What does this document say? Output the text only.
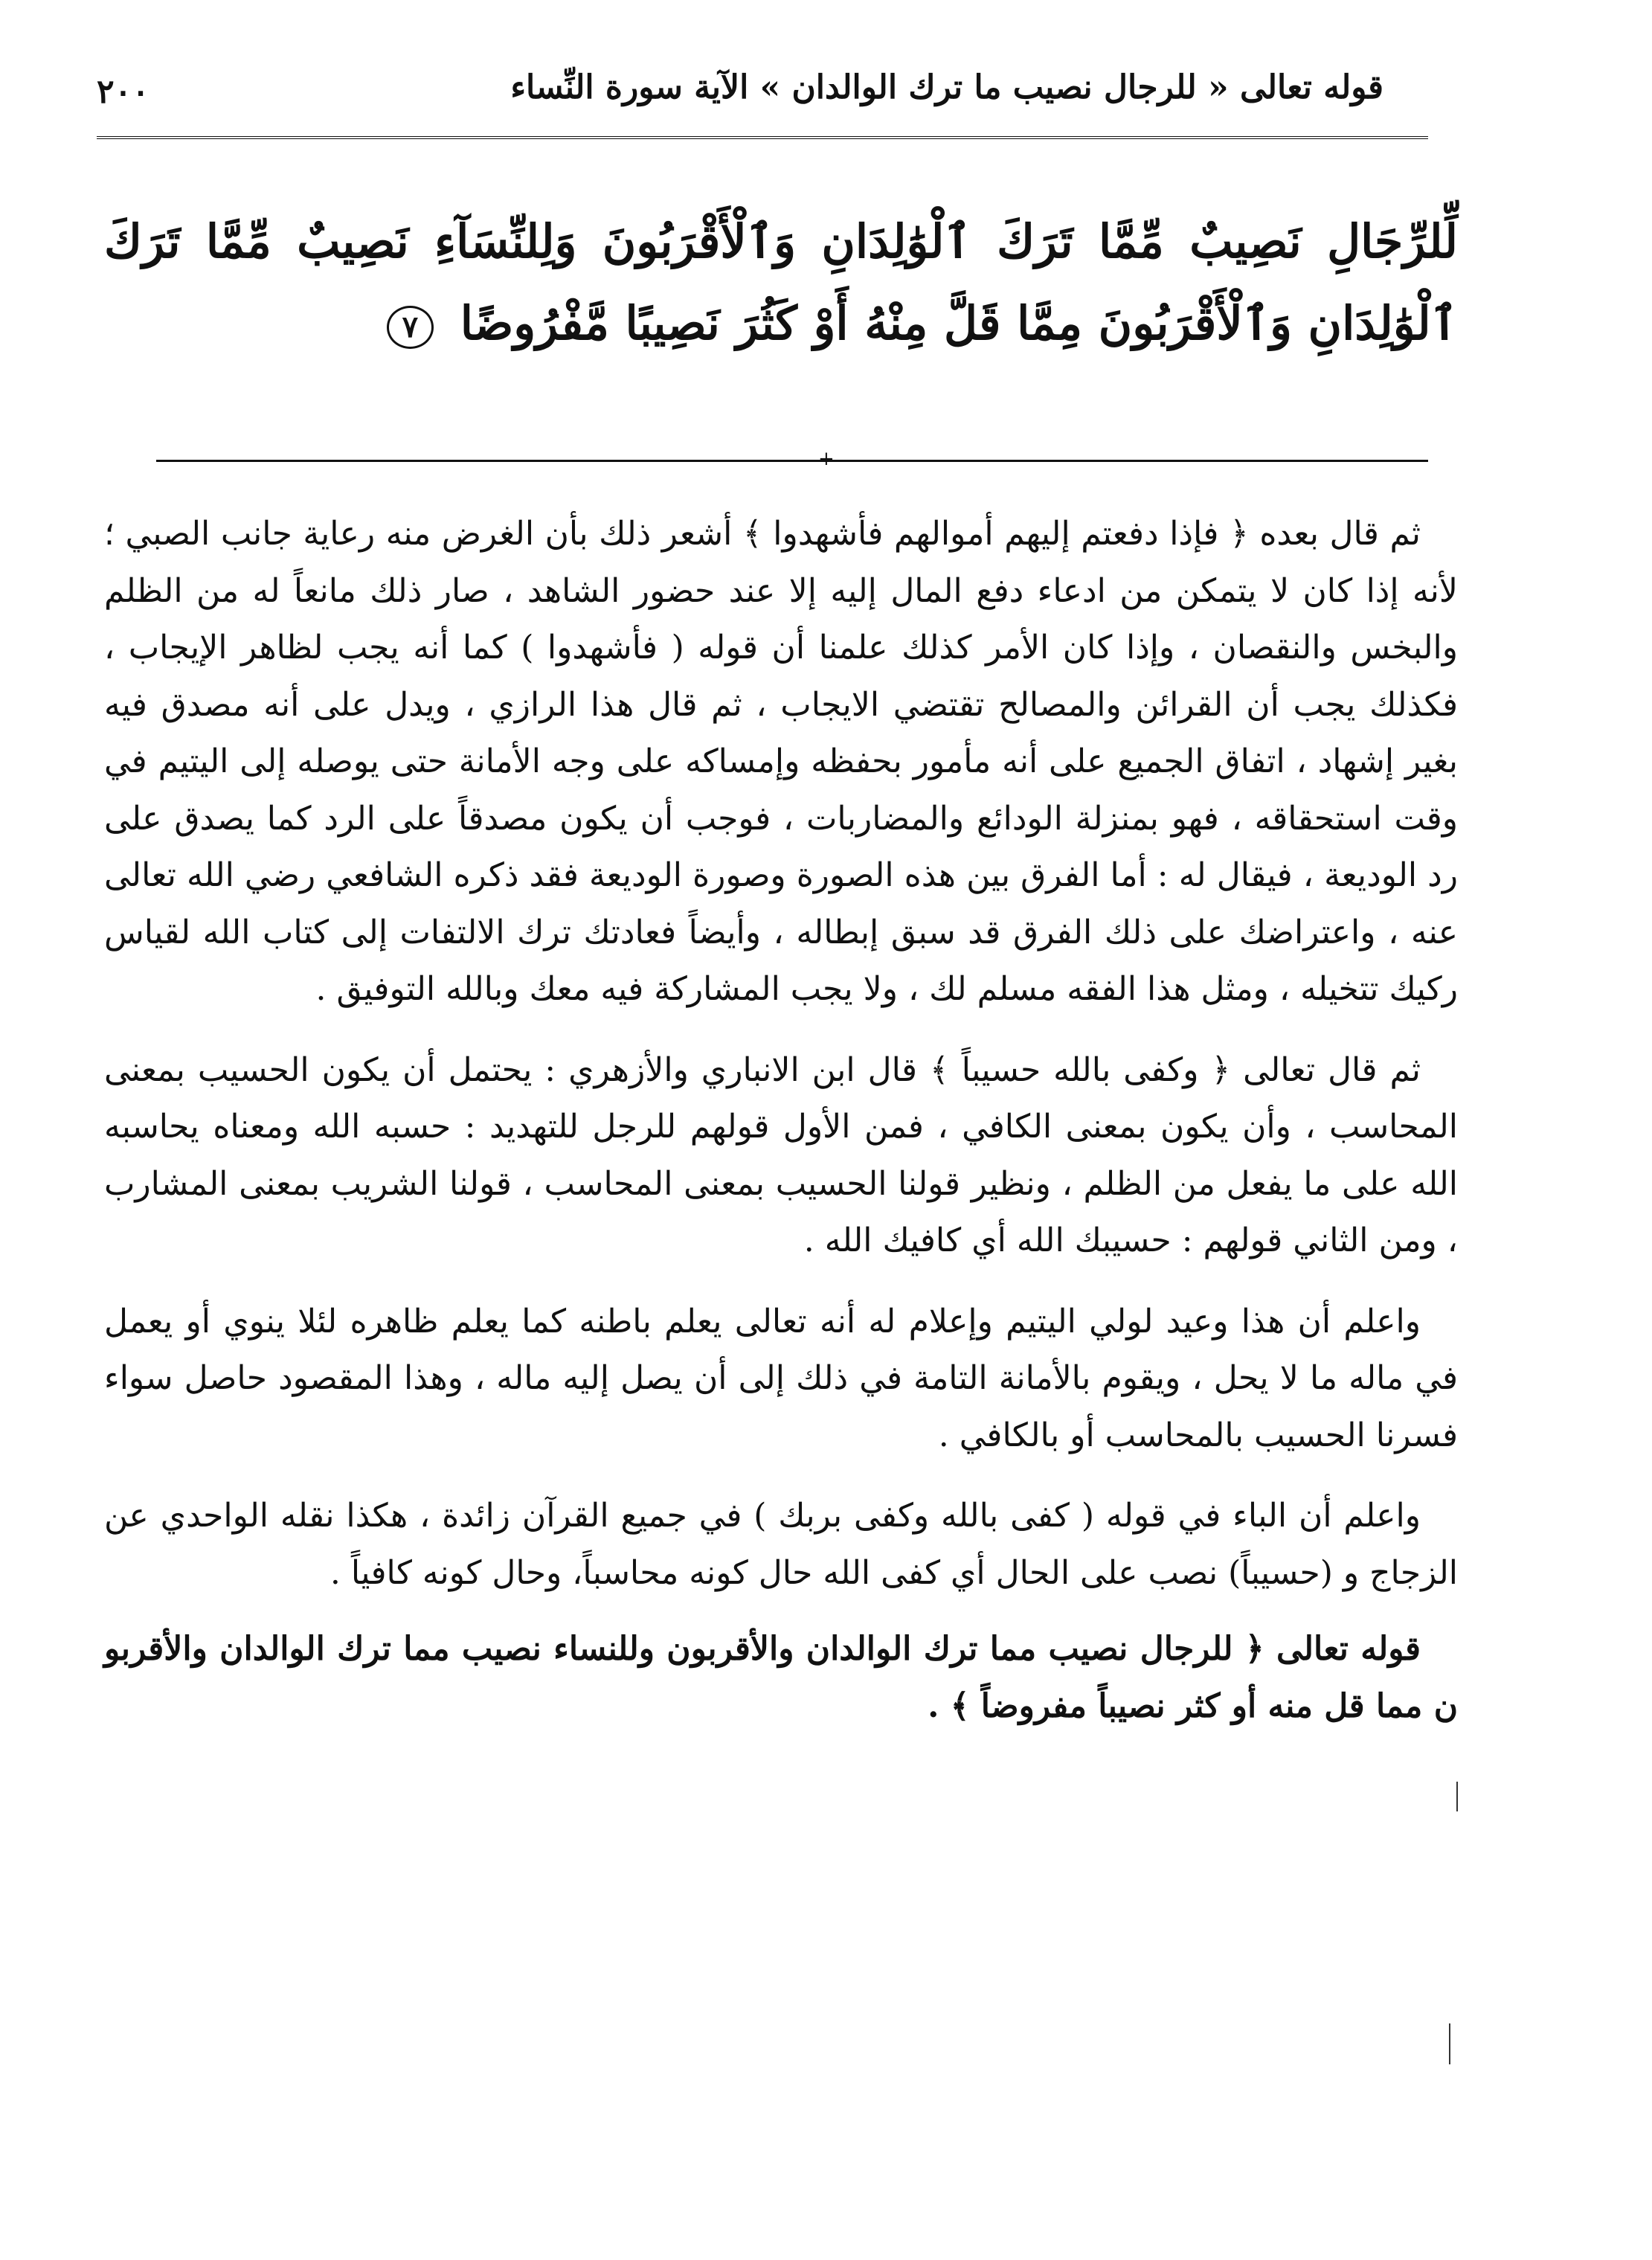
قوله تعالى « للرجال نصيب ما ترك الوالدان » الآية سورة النِّساء
٢٠٠
لِّلرِّجَالِ نَصِيبٌ مِّمَّا تَرَكَ ٱلْوَٰلِدَانِ وَٱلْأَقْرَبُونَ وَلِلنِّسَآءِ نَصِيبٌ مِّمَّا تَرَكَ ٱلْوَٰلِدَانِ وَٱلْأَقْرَبُونَ مِمَّا قَلَّ مِنْهُ أَوْ كَثُرَ نَصِيبًا مَّفْرُوضًا ٧
+

ثم قال بعده ﴿ فإذا دفعتم إليهم أموالهم فأشهدوا ﴾ أشعر ذلك بأن الغرض منه رعاية جانب الصبي ؛ لأنه إذا كان لا يتمكن من ادعاء دفع المال إليه إلا عند حضور الشاهد ، صار ذلك مانعاً له من الظلم والبخس والنقصان ، وإذا كان الأمر كذلك علمنا أن قوله ( فأشهدوا ) كما أنه يجب لظاهر الإيجاب ، فكذلك يجب أن القرائن والمصالح تقتضي الايجاب ، ثم قال هذا الرازي ، ويدل على أنه مصدق فيه بغير إشهاد ، اتفاق الجميع على أنه مأمور بحفظه وإمساكه على وجه الأمانة حتى يوصله إلى اليتيم في وقت استحقاقه ، فهو بمنزلة الودائع والمضاربات ، فوجب أن يكون مصدقاً على الرد كما يصدق على رد الوديعة ، فيقال له : أما الفرق بين هذه الصورة وصورة الوديعة فقد ذكره الشافعي رضي الله تعالى عنه ، واعتراضك على ذلك الفرق قد سبق إبطاله ، وأيضاً فعادتك ترك الالتفات إلى كتاب الله لقياس ركيك تتخيله ، ومثل هذا الفقه مسلم لك ، ولا يجب المشاركة فيه معك وبالله التوفيق .

ثم قال تعالى ﴿ وكفى بالله حسيباً ﴾ قال ابن الانباري والأزهري : يحتمل أن يكون الحسيب بمعنى المحاسب ، وأن يكون بمعنى الكافي ، فمن الأول قولهم للرجل للتهديد : حسبه الله ومعناه يحاسبه الله على ما يفعل من الظلم ، ونظير قولنا الحسيب بمعنى المحاسب ، قولنا الشريب بمعنى المشارب ، ومن الثاني قولهم : حسيبك الله أي كافيك الله .

واعلم أن هذا وعيد لولي اليتيم وإعلام له أنه تعالى يعلم باطنه كما يعلم ظاهره لئلا ينوي أو يعمل في ماله ما لا يحل ، ويقوم بالأمانة التامة في ذلك إلى أن يصل إليه ماله ، وهذا المقصود حاصل سواء فسرنا الحسيب بالمحاسب أو بالكافي .

واعلم أن الباء في قوله ( كفى بالله وكفى بربك ) في جميع القرآن زائدة ، هكذا نقله الواحدي عن الزجاج و (حسيباً) نصب على الحال أي كفى الله حال كونه محاسباً، وحال كونه كافياً .

قوله تعالى ﴿ للرجال نصيب مما ترك الوالدان والأقربون وللنساء نصيب مما ترك الوالدان والأقربو ن مما قل منه أو كثر نصيباً مفروضاً ﴾ .
